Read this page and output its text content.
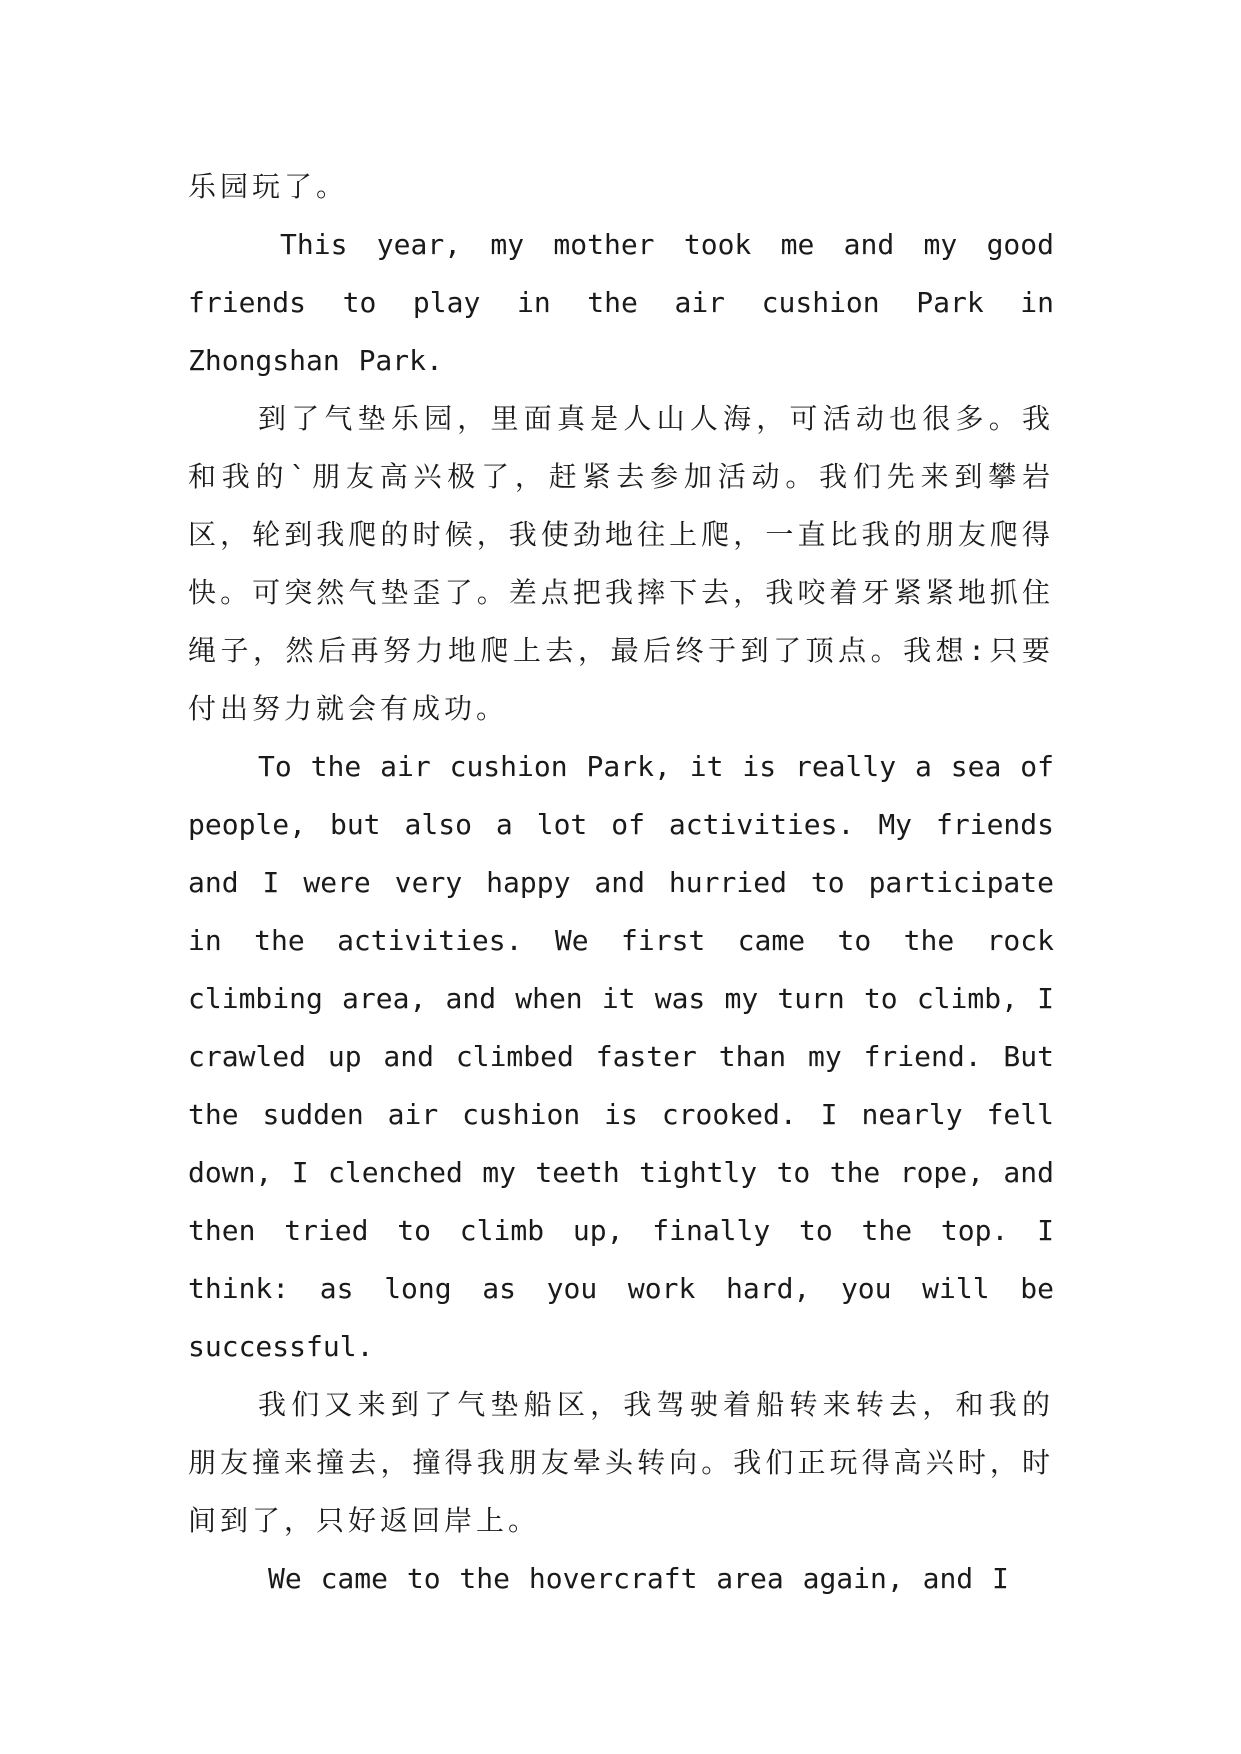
乐园玩了。

This year, my mother took me and my good friends to play in the air cushion Park in Zhongshan Park.

到了气垫乐园，里面真是人山人海，可活动也很多。我和我的`朋友高兴极了，赶紧去参加活动。我们先来到攀岩区，轮到我爬的时候，我使劲地往上爬，一直比我的朋友爬得快。可突然气垫歪了。差点把我摔下去，我咬着牙紧紧地抓住绳子，然后再努力地爬上去，最后终于到了顶点。我想:只要付出努力就会有成功。

To the air cushion Park, it is really a sea of people, but also a lot of activities. My friends and I were very happy and hurried to participate in the activities. We first came to the rock climbing area, and when it was my turn to climb, I crawled up and climbed faster than my friend. But the sudden air cushion is crooked. I nearly fell down, I clenched my teeth tightly to the rope, and then tried to climb up, finally to the top. I think: as long as you work hard, you will be successful.

我们又来到了气垫船区，我驾驶着船转来转去，和我的朋友撞来撞去，撞得我朋友晕头转向。我们正玩得高兴时，时间到了，只好返回岸上。

We came to the hovercraft area again, and I
